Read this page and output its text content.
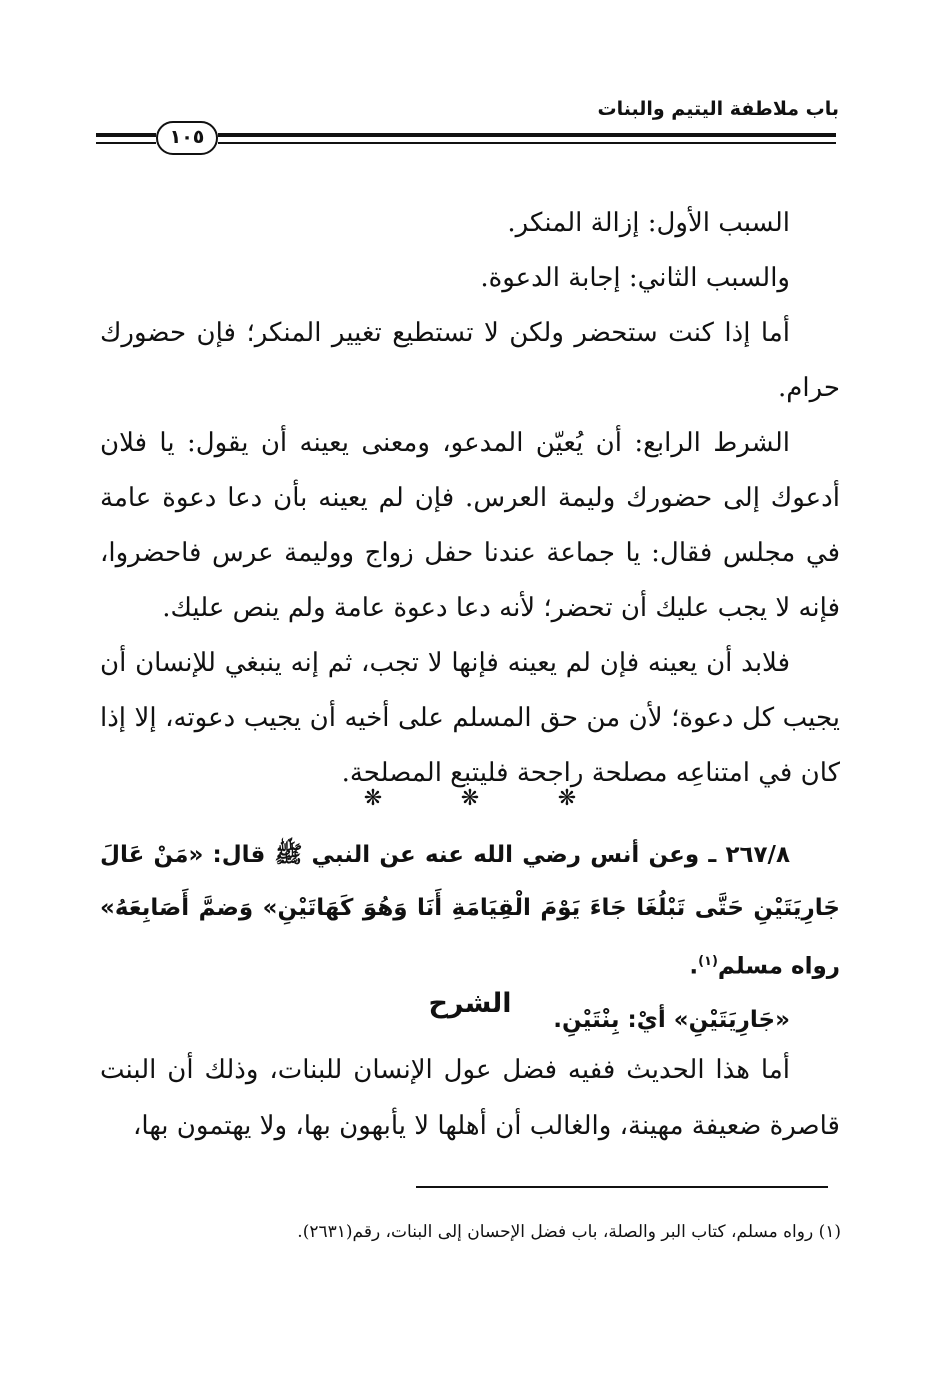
باب ملاطفة اليتيم والبنات
١٠٥

السبب الأول: إزالة المنكر.

والسبب الثاني: إجابة الدعوة.

أما إذا كنت ستحضر ولكن لا تستطيع تغيير المنكر؛ فإن حضورك حرام.

الشرط الرابع: أن يُعيّن المدعو، ومعنى يعينه أن يقول: يا فلان أدعوك إلى حضورك وليمة العرس. فإن لم يعينه بأن دعا دعوة عامة في مجلس فقال: يا جماعة عندنا حفل زواج ووليمة عرس فاحضروا، فإنه لا يجب عليك أن تحضر؛ لأنه دعا دعوة عامة ولم ينص عليك.

فلابد أن يعينه فإن لم يعينه فإنها لا تجب، ثم إنه ينبغي للإنسان أن يجيب كل دعوة؛ لأن من حق المسلم على أخيه أن يجيب دعوته، إلا إذا كان في امتناعِه مصلحة راجحة فليتبع المصلحة.

❋	❋	❋

٢٦٧/٨ ـ وعن أنس رضي الله عنه عن النبي ﷺ قال: «مَنْ عَالَ جَارِيَتَيْنِ حَتَّى تَبْلُغَا جَاءَ يَوْمَ الْقِيَامَةِ أَنَا وَهُوَ كَهَاتَيْنِ» وَضمَّ أَصَابِعَهُ» رواه مسلم$^{(١)}$.

«جَارِيَتَيْنِ» أيْ: بِنْتَيْنِ.

الشرح

أما هذا الحديث ففيه فضل عول الإنسان للبنات، وذلك أن البنت قاصرة ضعيفة مهينة، والغالب أن أهلها لا يأبهون بها، ولا يهتمون بها،

(١) رواه مسلم، كتاب البر والصلة، باب فضل الإحسان إلى البنات، رقم(٢٦٣١).
